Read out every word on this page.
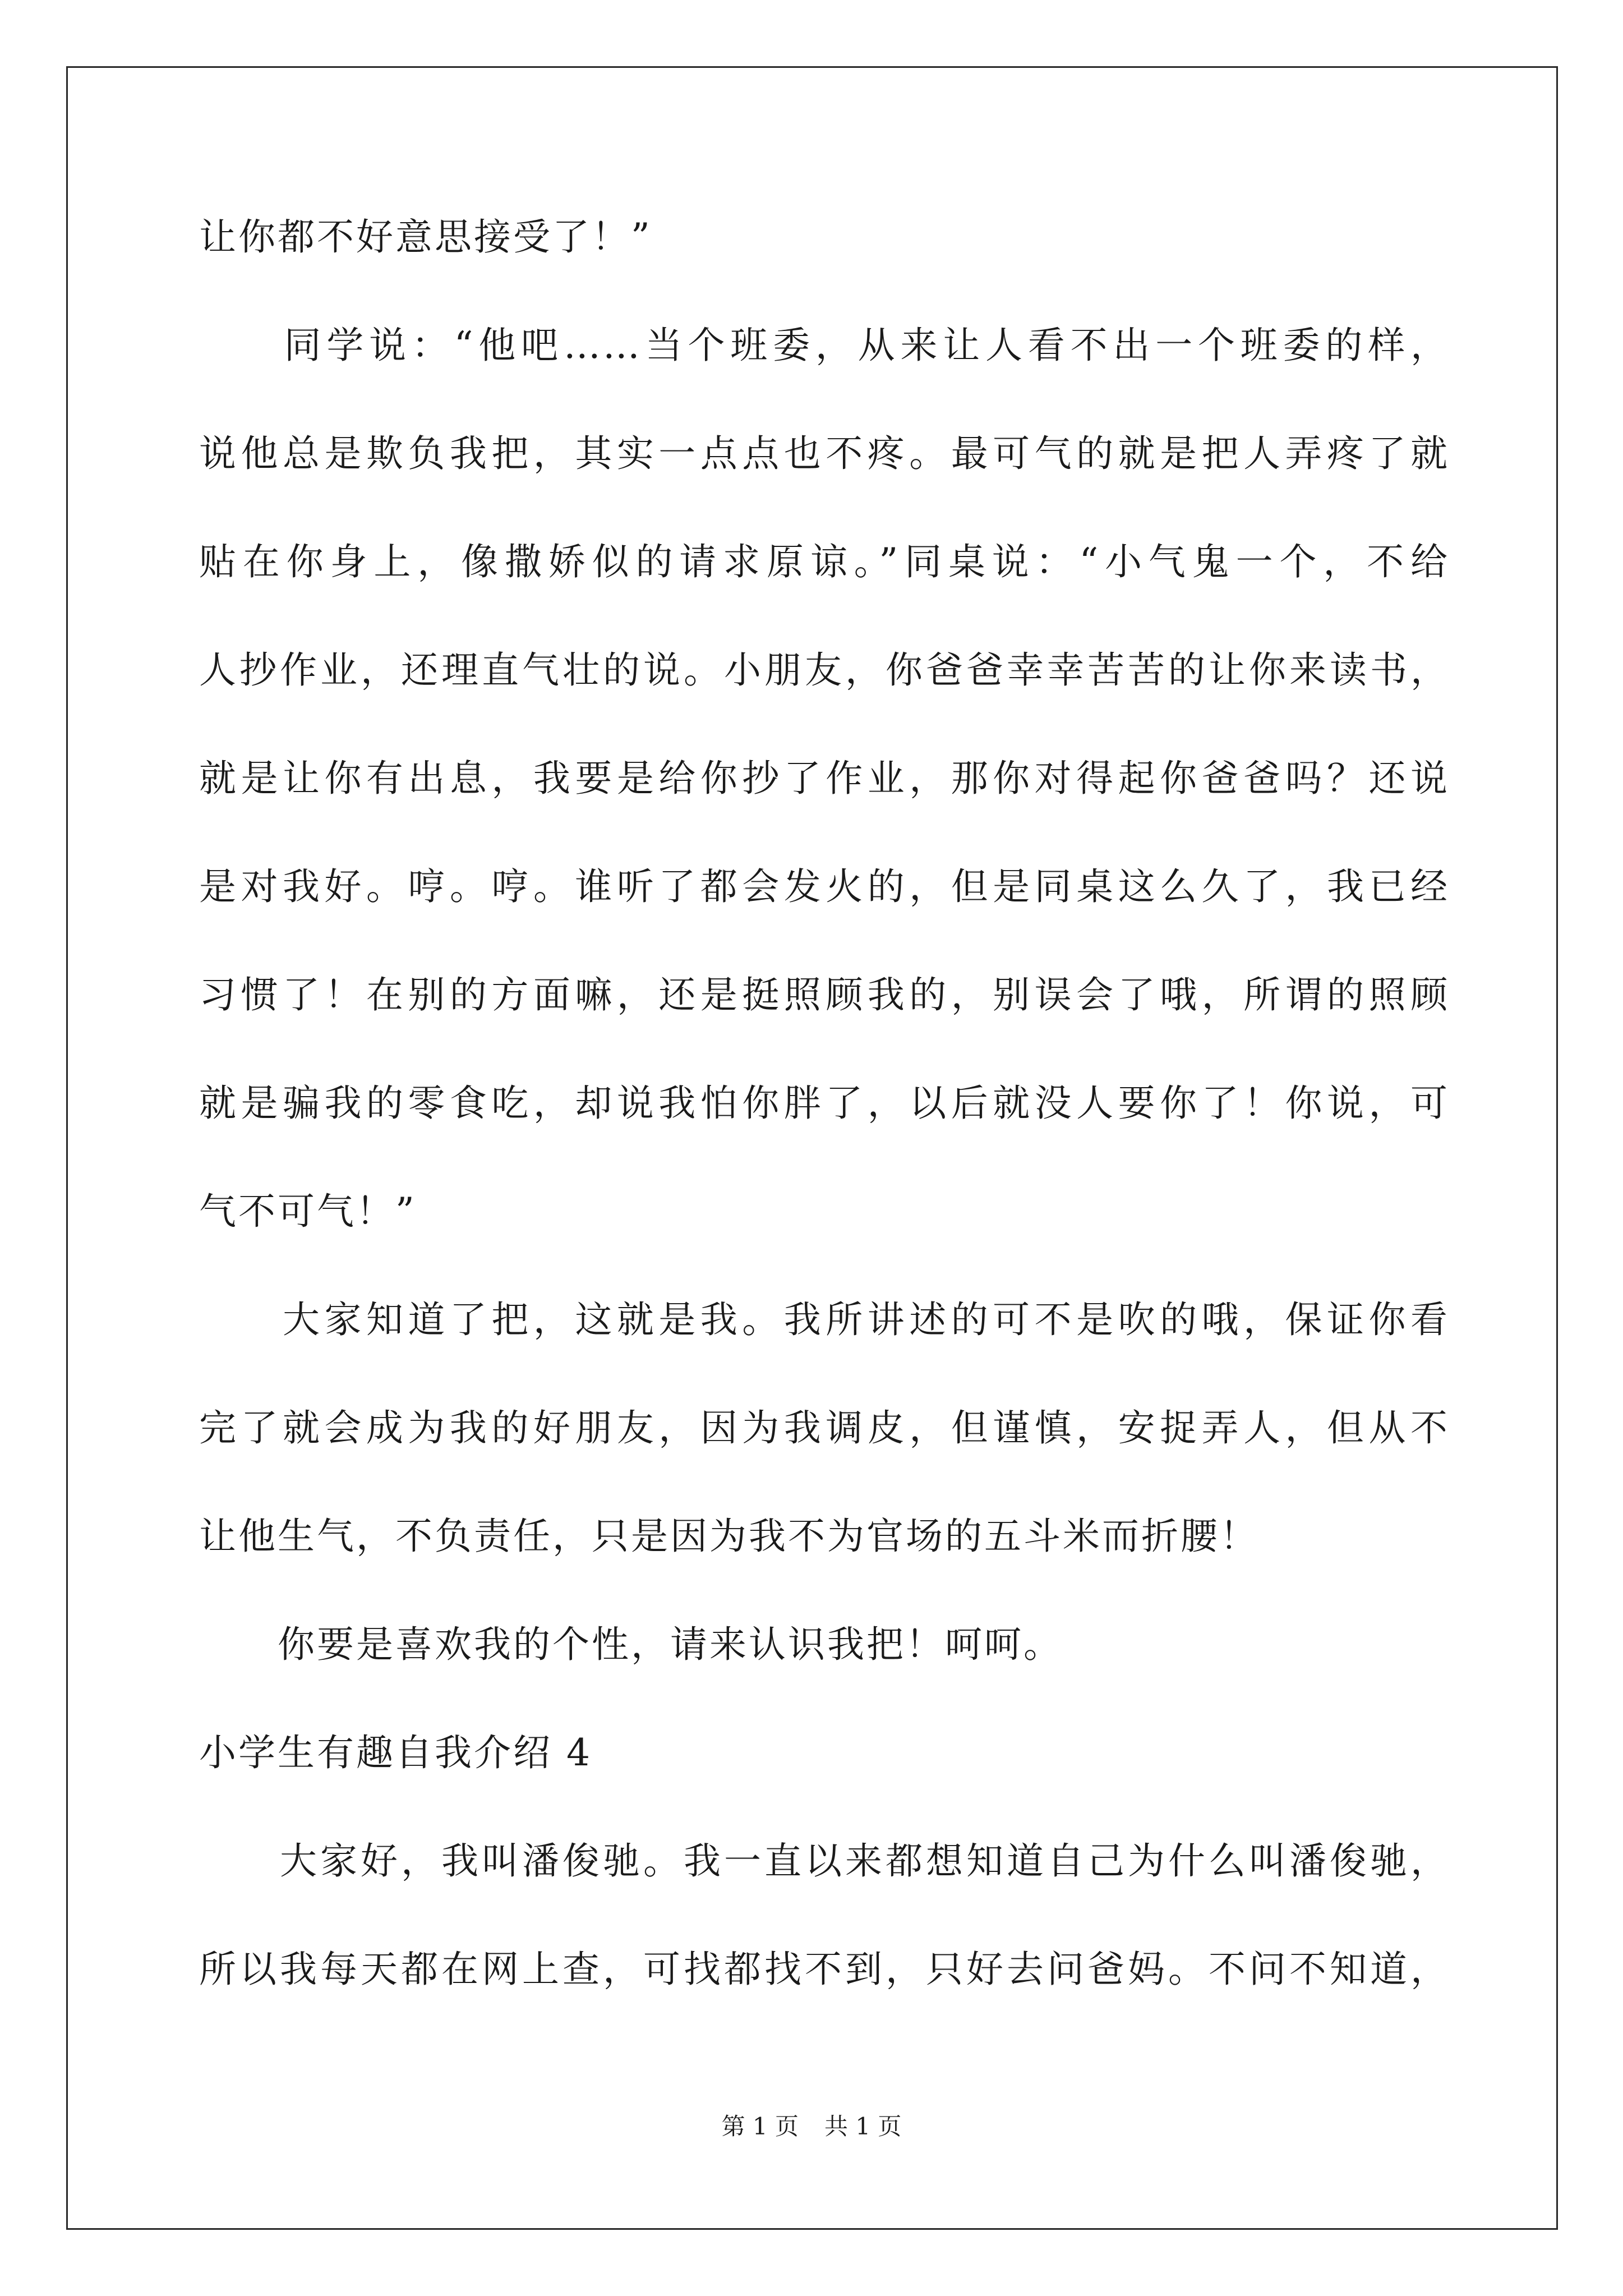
让你都不好意思接受了！”
　　同学说：“他吧……当个班委，从来让人看不出一个班委的样，
说他总是欺负我把，其实一点点也不疼。最可气的就是把人弄疼了就
贴在你身上，像撒娇似的请求原谅。”同桌说：“小气鬼一个，不给
人抄作业，还理直气壮的说。小朋友，你爸爸幸幸苦苦的让你来读书，
就是让你有出息，我要是给你抄了作业，那你对得起你爸爸吗？还说
是对我好。哼。哼。谁听了都会发火的，但是同桌这么久了，我已经
习惯了！在别的方面嘛，还是挺照顾我的，别误会了哦，所谓的照顾
就是骗我的零食吃，却说我怕你胖了，以后就没人要你了！你说，可
气不可气！”
　　大家知道了把，这就是我。我所讲述的可不是吹的哦，保证你看
完了就会成为我的好朋友，因为我调皮，但谨慎，安捉弄人，但从不
让他生气，不负责任，只是因为我不为官场的五斗米而折腰！
　　你要是喜欢我的个性，请来认识我把！呵呵。
小学生有趣自我介绍 4
　　大家好，我叫潘俊驰。我一直以来都想知道自己为什么叫潘俊驰，
所以我每天都在网上查，可找都找不到，只好去问爸妈。不问不知道，
第 1 页 共 1 页
